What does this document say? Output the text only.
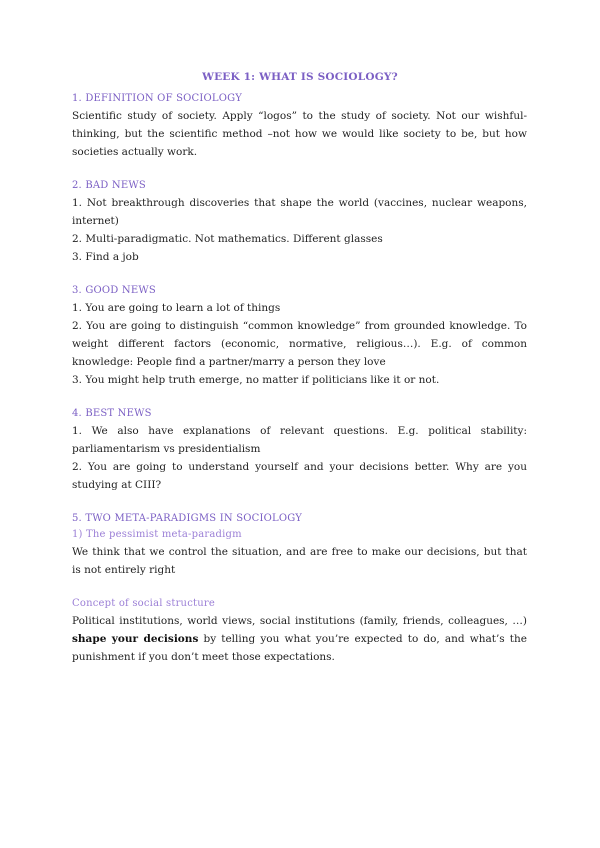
WEEK 1: WHAT IS SOCIOLOGY?
1. DEFINITION OF SOCIOLOGY

Scientific study of society. Apply “logos” to the study of society. Not our wishful-thinking, but the scientific method –not how we would like society to be, but how societies actually work.

2. BAD NEWS

1. Not breakthrough discoveries that shape the world (vaccines, nuclear weapons, internet)

2. Multi-paradigmatic. Not mathematics. Different glasses

3. Find a job

3. GOOD NEWS

1. You are going to learn a lot of things

2. You are going to distinguish “common knowledge” from grounded knowledge. To weight different factors (economic, normative, religious…). E.g. of common knowledge: People find a partner/marry a person they love

3. You might help truth emerge, no matter if politicians like it or not.

4. BEST NEWS

1. We also have explanations of relevant questions. E.g. political stability: parliamentarism vs presidentialism

2. You are going to understand yourself and your decisions better. Why are you studying at CIII?

5. TWO META-PARADIGMS IN SOCIOLOGY
1) The pessimist meta-paradigm

We think that we control the situation, and are free to make our decisions, but that is not entirely right

Concept of social structure

Political institutions, world views, social institutions (family, friends, colleagues, …) shape your decisions by telling you what you’re expected to do, and what’s the punishment if you don’t meet those expectations.
